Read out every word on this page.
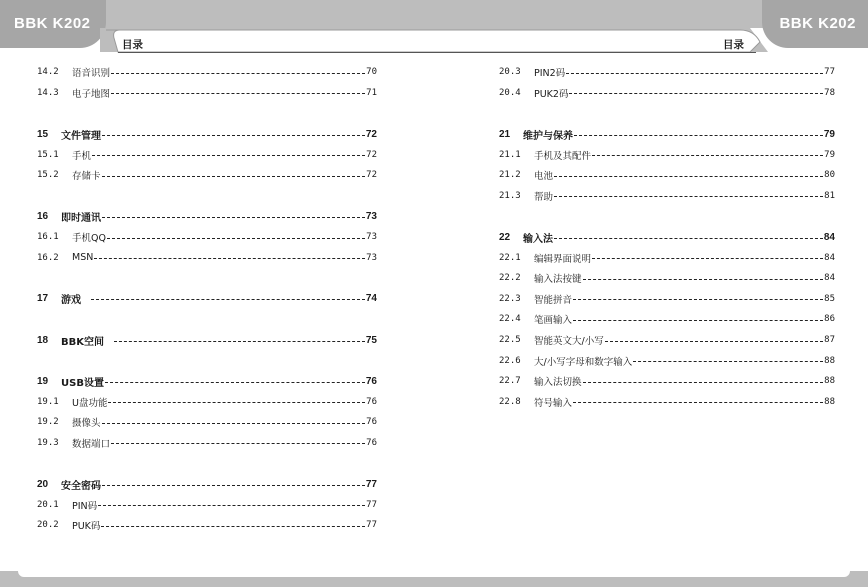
BBK K202	BBK K202
目录	目录
14.2	语音识别	70
14.3	电子地图	71
15	文件管理	72
15.1	手机	72
15.2	存储卡	72
16	即时通讯	73
16.1	手机QQ	73
16.2	MSN	73
17	游戏	74
18	BBK空间	75
19	USB设置	76
19.1	U盘功能	76
19.2	摄像头	76
19.3	数据端口	76
20	安全密码	77
20.1	PIN码	77
20.2	PUK码	77
20.3	PIN2码	77
20.4	PUK2码	78
21	维护与保养	79
21.1	手机及其配件	79
21.2	电池	80
21.3	帮助	81
22	输入法	84
22.1	编辑界面说明	84
22.2	输入法按键	84
22.3	智能拼音	85
22.4	笔画输入	86
22.5	智能英文大/小写	87
22.6	大/小写字母和数字输入	88
22.7	输入法切换	88
22.8	符号输入	88
